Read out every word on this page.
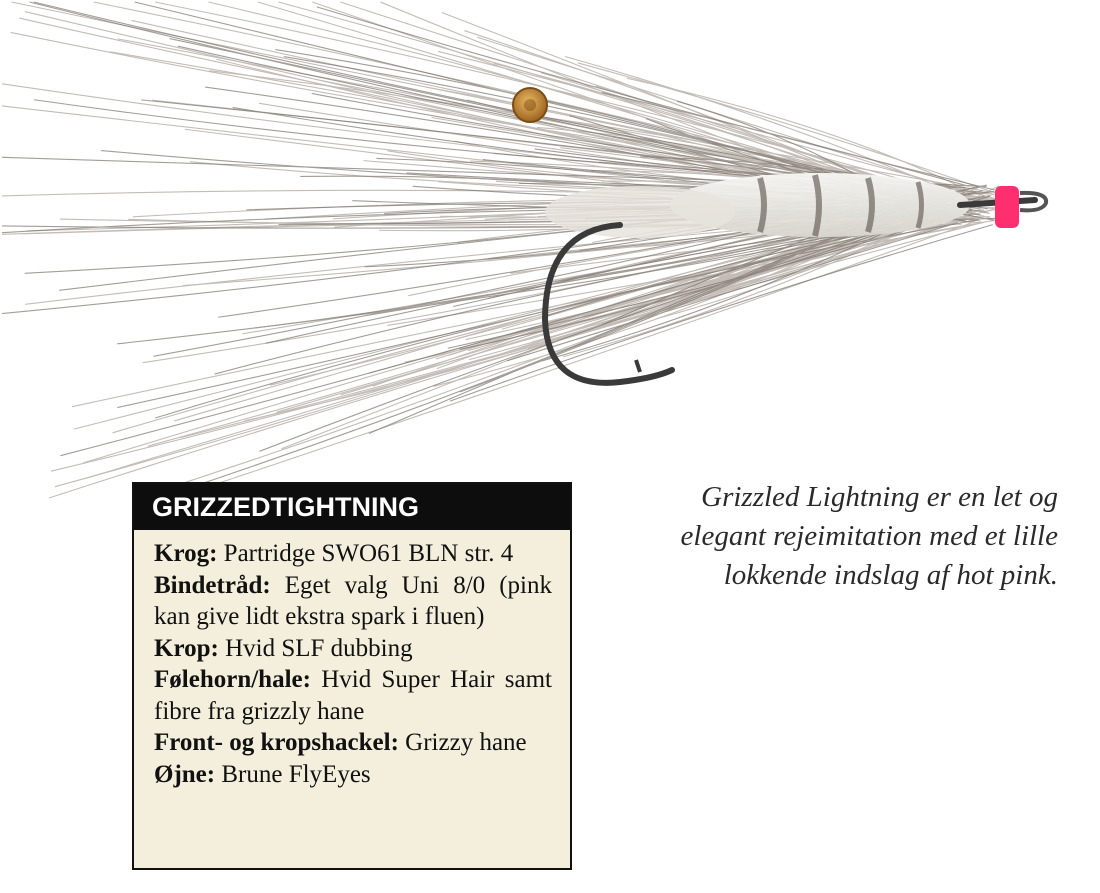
GRIZZEDTIGHTNING
Krog: Partridge SWO61 BLN str. 4
Bindetråd: Eget valg Uni 8/0 (pink kan give lidt ekstra spark i fluen)
Krop: Hvid SLF dubbing
Følehorn/hale: Hvid Super Hair samt fibre fra grizzly hane
Front- og kropshackel: Grizzy hane
Øjne: Brune FlyEyes
Grizzled Lightning er en let og
elegant rejeimitation med et lille
lokkende indslag af hot pink.
